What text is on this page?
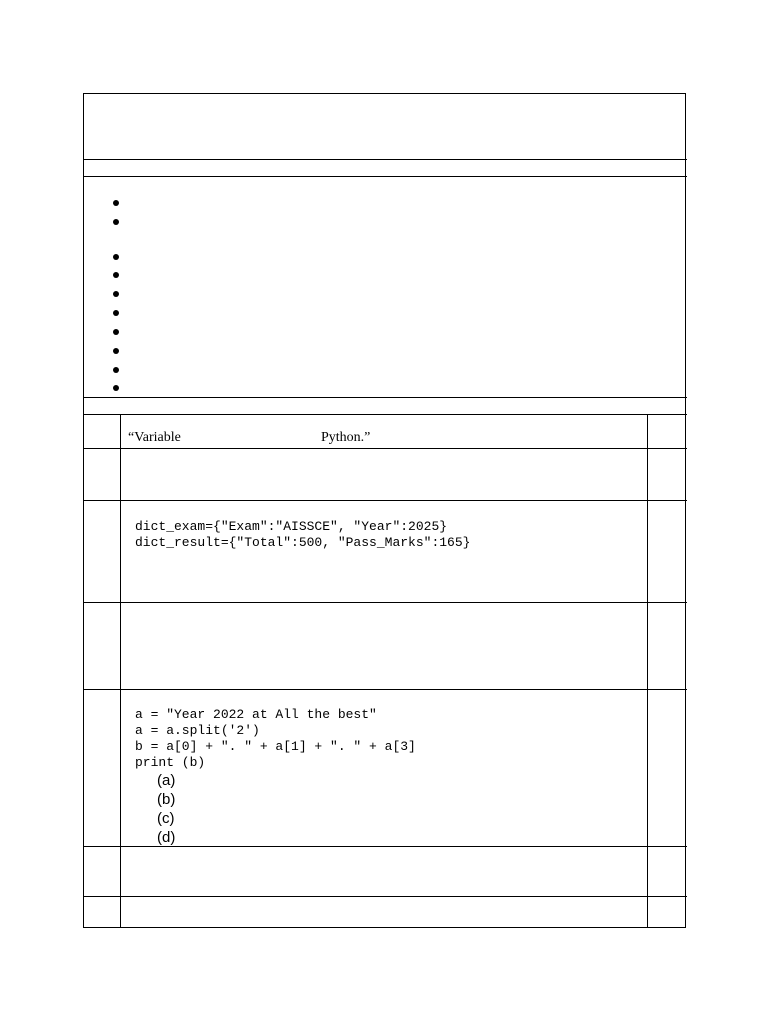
“Variable	Python.”
dict_exam={"Exam":"AISSCE", "Year":2025}
dict_result={"Total":500, "Pass_Marks":165}
a = "Year 2022 at All the best"
a = a.split('2')
b = a[0] + ". " + a[1] + ". " + a[3]
print (b)
(a)
(b)
(c)
(d)
